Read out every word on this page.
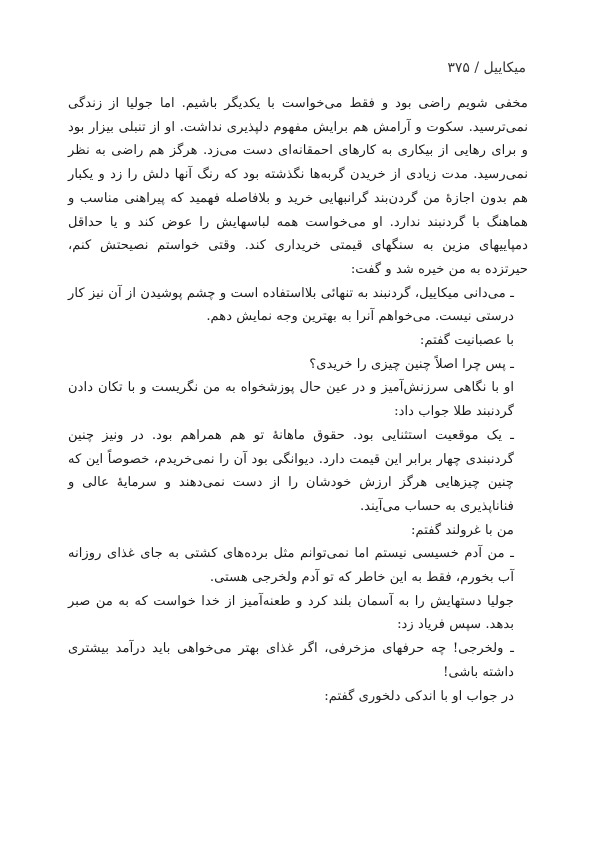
میکاییل / ۳۷۵

مخفی شویم راضی بود و فقط می‌خواست با یکدیگر باشیم. اما جولیا از زندگی نمی‌ترسید. سکوت و آرامش هم برایش مفهوم دلپذیری نداشت. او از تنبلی بیزار بود و برای رهایی از بیکاری به کارهای احمقانه‌ای دست می‌زد. هرگز هم راضی به نظر نمی‌رسید. مدت زیادی از خریدن گربه‌ها نگذشته بود که رنگ آنها دلش را زد و یکبار هم بدون اجازهٔ من گردن‌بند گرانبهایی خرید و بلافاصله فهمید که پیراهنی مناسب و هماهنگ با گردنبند ندارد. او می‌خواست همه لباسهایش را عوض کند و یا حداقل دمپاییهای مزین به سنگهای قیمتی خریداری کند. وقتی خواستم نصیحتش کنم، حیرتزده به من خیره شد و گفت:

ـ می‌دانی میکاییل، گردنبند به تنهائی بلااستفاده است و چشم پوشیدن از آن نیز کار درستی نیست. می‌خواهم آنرا به بهترین وجه نمایش دهم.

با عصبانیت گفتم:

ـ پس چرا اصلاً چنین چیزی را خریدی؟

او با نگاهی سرزنش‌آمیز و در عین حال پوزشخواه به من نگریست و با تکان دادن گردنبند طلا جواب داد:

ـ یک موقعیت استثنایی بود. حقوق ماهانهٔ تو هم همراهم بود. در ونیز چنین گردنبندی چهار برابر این قیمت دارد. دیوانگی بود آن را نمی‌خریدم، خصوصاً این که چنین چیزهایی هرگز ارزش خودشان را از دست نمی‌دهند و سرمایهٔ عالی و فناناپذیری به حساب می‌آیند.

من با غرولند گفتم:

ـ من آدم خسیسی نیستم اما نمی‌توانم مثل برده‌های کشتی به جای غذای روزانه آب بخورم، فقط به این خاطر که تو آدم ولخرجی هستی.

جولیا دستهایش را به آسمان بلند کرد و طعنه‌آمیز از خدا خواست که به من صبر بدهد. سپس فریاد زد:

ـ ولخرجی! چه حرفهای مزخرفی، اگر غذای بهتر می‌خواهی باید درآمد بیشتری داشته باشی!

در جواب او با اندکی دلخوری گفتم:
